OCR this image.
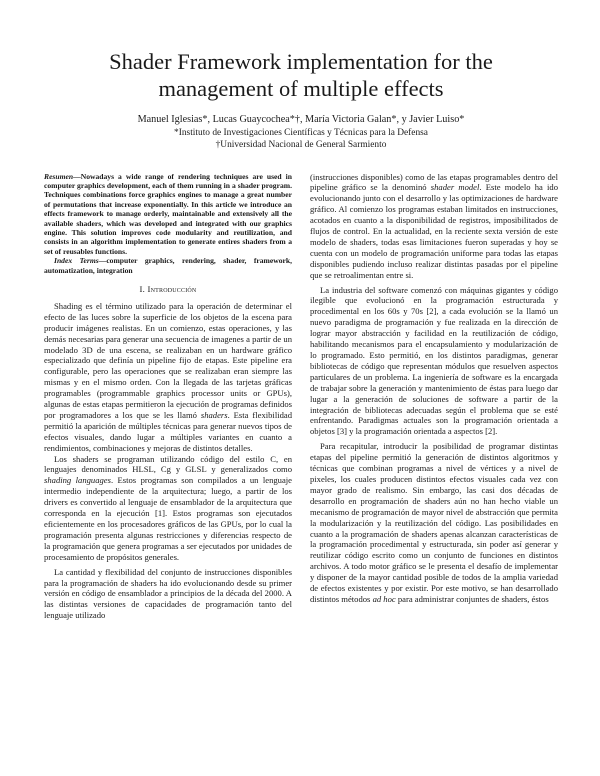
Shader Framework implementation for the
management of multiple effects
Manuel Iglesias*, Lucas Guaycochea*†, María Victoria Galan*, y Javier Luiso*
*Instituto de Investigaciones Científicas y Técnicas para la Defensa
†Universidad Nacional de General Sarmiento

Resumen—Nowadays a wide range of rendering techniques are used in computer graphics development, each of them running in a shader program. Techniques combinations force graphics engines to manage a great number of permutations that increase exponentially. In this article we introduce an effects framework to manage orderly, maintainable and extensively all the available shaders, which was developed and integrated with our graphics engine. This solution improves code modularity and reutilization, and consists in an algorithm implementation to generate entires shaders from a set of reusables functions.

Index Terms—computer graphics, rendering, shader, framework, automatization, integration

I. Introducción

Shading es el término utilizado para la operación de determinar el efecto de las luces sobre la superficie de los objetos de la escena para producir imágenes realistas. En un comienzo, estas operaciones, y las demás necesarias para generar una secuencia de imagenes a partir de un modelado 3D de una escena, se realizaban en un hardware gráfico especializado que definía un pipeline fijo de etapas. Este pipeline era configurable, pero las operaciones que se realizaban eran siempre las mismas y en el mismo orden. Con la llegada de las tarjetas gráficas programables (programmable graphics processor units or GPUs), algunas de estas etapas permitieron la ejecución de programas definidos por programadores a los que se les llamó shaders. Esta flexibilidad permitió la aparición de múltiples técnicas para generar nuevos tipos de efectos visuales, dando lugar a múltiples variantes en cuanto a rendimientos, combinaciones y mejoras de distintos detalles.

Los shaders se programan utilizando código del estilo C, en lenguajes denominados HLSL, Cg y GLSL y generalizados como shading languages. Estos programas son compilados a un lenguaje intermedio independiente de la arquitectura; luego, a partir de los drivers es convertido al lenguaje de ensamblador de la arquitectura que corresponda en la ejecución [1]. Estos programas son ejecutados eficientemente en los procesadores gráficos de las GPUs, por lo cual la programación presenta algunas restricciones y diferencias respecto de la programación que genera programas a ser ejecutados por unidades de procesamiento de propósitos generales.

La cantidad y flexibilidad del conjunto de instrucciones disponibles para la programación de shaders ha ido evolucionando desde su primer versión en código de ensamblador a principios de la década del 2000. A las distintas versiones de capacidades de programación tanto del lenguaje utilizado

(instrucciones disponibles) como de las etapas programables dentro del pipeline gráfico se la denominó shader model. Este modelo ha ido evolucionando junto con el desarrollo y las optimizaciones de hardware gráfico. Al comienzo los programas estaban limitados en instrucciones, acotados en cuanto a la disponibilidad de registros, imposibilitados de flujos de control. En la actualidad, en la reciente sexta versión de este modelo de shaders, todas esas limitaciones fueron superadas y hoy se cuenta con un modelo de programación uniforme para todas las etapas disponibles pudiendo incluso realizar distintas pasadas por el pipeline que se retroalimentan entre si.

La industria del software comenzó con máquinas gigantes y código ilegible que evolucionó en la programación estructurada y procedimental en los 60s y 70s [2], a cada evolución se la llamó un nuevo paradigma de programación y fue realizada en la dirección de lograr mayor abstracción y facilidad en la reutilización de código, habilitando mecanismos para el encapsulamiento y modularización de lo programado. Esto permitió, en los distintos paradigmas, generar bibliotecas de código que representan módulos que resuelven aspectos particulares de un problema. La ingeniería de software es la encargada de trabajar sobre la generación y mantenimiento de éstas para luego dar lugar a la generación de soluciones de software a partir de la integración de bibliotecas adecuadas según el problema que se esté enfrentando. Paradigmas actuales son la programación orientada a objetos [3] y la programación orientada a aspectos [2].

Para recapitular, introducir la posibilidad de programar distintas etapas del pipeline permitió la generación de distintos algoritmos y técnicas que combinan programas a nivel de vértices y a nivel de pixeles, los cuales producen distintos efectos visuales cada vez con mayor grado de realismo. Sin embargo, las casi dos décadas de desarrollo en programación de shaders aún no han hecho viable un mecanismo de programación de mayor nivel de abstracción que permita la modularización y la reutilización del código. Las posibilidades en cuanto a la programación de shaders apenas alcanzan características de la programación procedimental y estructurada, sin poder así generar y reutilizar código escrito como un conjunto de funciones en distintos archivos. A todo motor gráfico se le presenta el desafío de implementar y disponer de la mayor cantidad posible de todos de la amplia variedad de efectos existentes y por existir. Por este motivo, se han desarrollado distintos métodos ad hoc para administrar conjuntes de shaders, éstos
